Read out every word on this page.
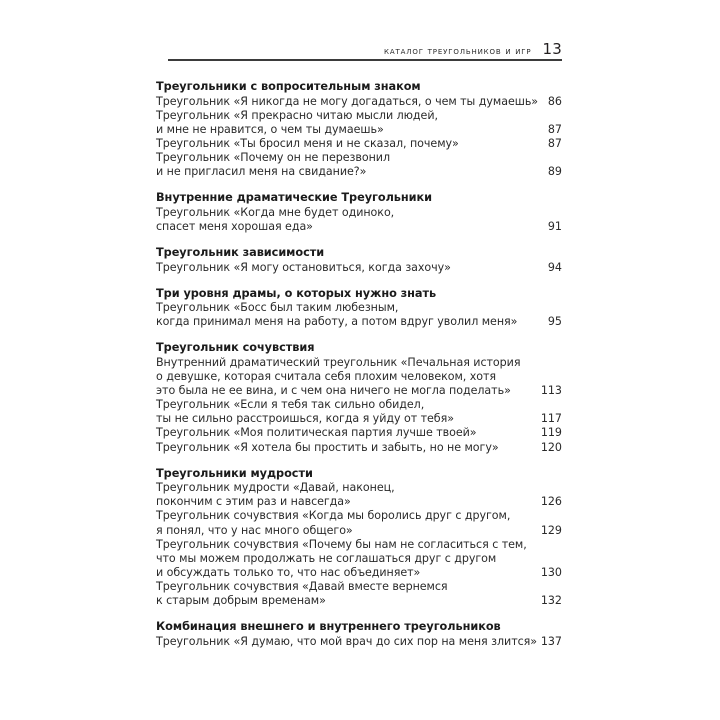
каталог треугольников и игр 13
Треугольники с вопросительным знаком
Треугольник «Я никогда не могу догадаться, о чем ты думаешь» 86
Треугольник «Я прекрасно читаю мысли людей,
и мне не нравится, о чем ты думаешь»	87
Треугольник «Ты бросил меня и не сказал, почему»	87
Треугольник «Почему он не перезвонил
и не пригласил меня на свидание?»	89
Внутренние драматические Треугольники
Треугольник «Когда мне будет одиноко,
спасет меня хорошая еда»	91
Треугольник зависимости
Треугольник «Я могу остановиться, когда захочу»	94
Три уровня драмы, о которых нужно знать
Треугольник «Босс был таким любезным,
когда принимал меня на работу, а потом вдруг уволил меня»	95
Треугольник сочувствия
Внутренний драматический треугольник «Печальная история
о девушке, которая считала себя плохим человеком, хотя
это была не ее вина, и с чем она ничего не могла поделать»	113
Треугольник «Если я тебя так сильно обидел,
ты не сильно расстроишься, когда я уйду от тебя»	117
Треугольник «Моя политическая партия лучше твоей»	119
Треугольник «Я хотела бы простить и забыть, но не могу»	120
Треугольники мудрости
Треугольник мудрости «Давай, наконец,
покончим с этим раз и навсегда»	126
Треугольник сочувствия «Когда мы боролись друг с другом,
я понял, что у нас много общего»	129
Треугольник сочувствия «Почему бы нам не согласиться с тем,
что мы можем продолжать не соглашаться друг с другом
и обсуждать только то, что нас объединяет»	130
Треугольник сочувствия «Давай вместе вернемся
к старым добрым временам»	132
Комбинация внешнего и внутреннего треугольников
Треугольник «Я думаю, что мой врач до сих пор на меня злится» 137
